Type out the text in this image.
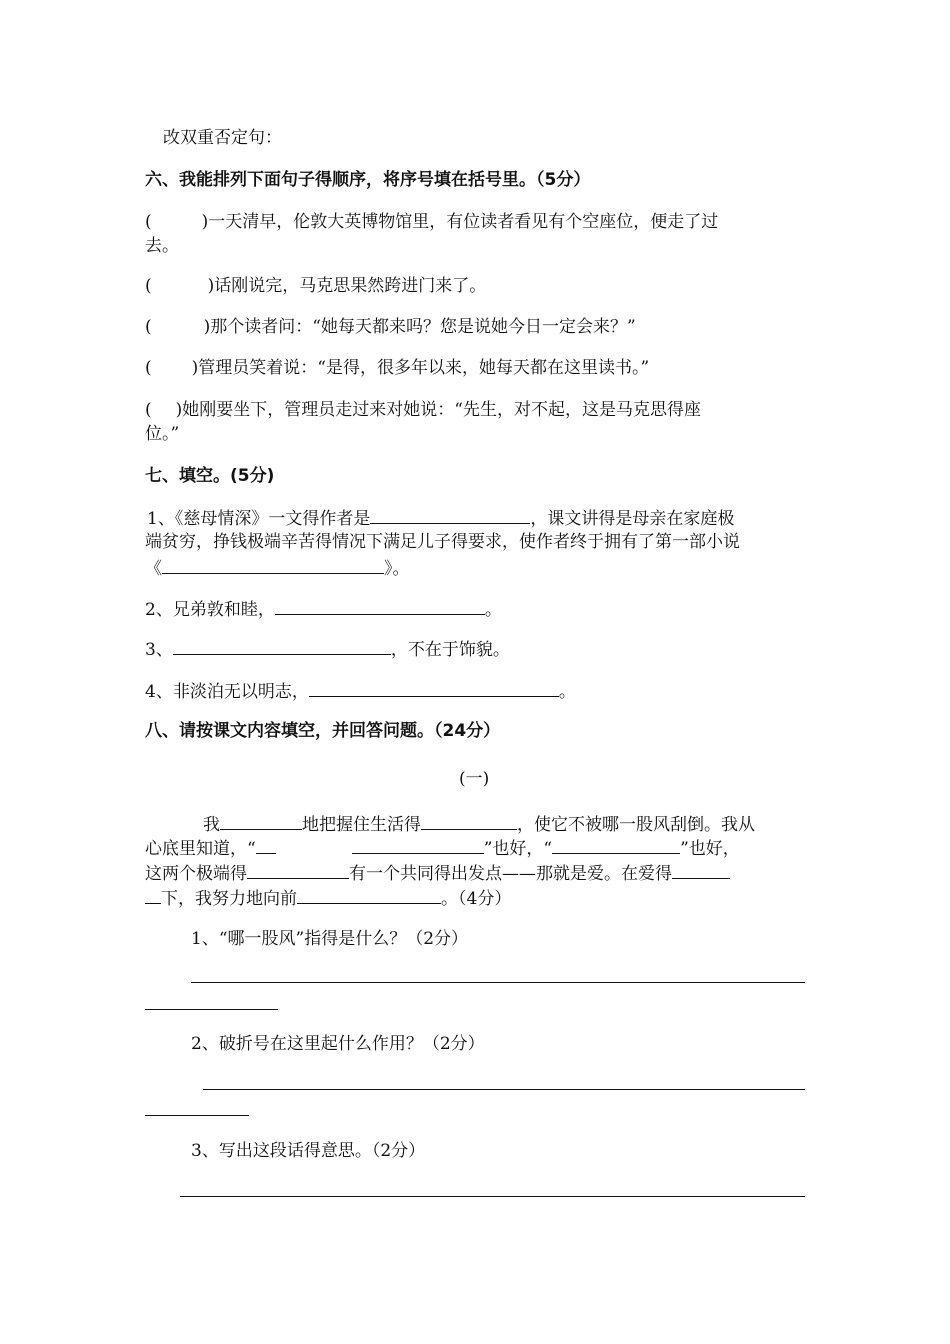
改双重否定句：
六、我能排列下面句子得顺序，将序号填在括号里。（5分）
(	)一天清早，伦敦大英博物馆里，有位读者看见有个空座位，便走了过
去。
(	)话刚说完，马克思果然跨进门来了。
(	)那个读者问：“她每天都来吗？您是说她今日一定会来？”
( )管理员笑着说：“是得，很多年以来，她每天都在这里读书。”
( )她刚要坐下，管理员走过来对她说：“先生，对不起，这是马克思得座
位。”
七、填空。(5分)
1、《慈母情深》一文得作者是	，课文讲得是母亲在家庭极
端贫穷，挣钱极端辛苦得情况下满足儿子得要求，使作者终于拥有了第一部小说
《	》。
2、兄弟敦和睦，	。
3、	，不在于饰貌。
4、非淡泊无以明志，	。
八、请按课文内容填空，并回答问题。（24分）
(一)
我	地把握住生活得	，使它不被哪一股风刮倒。我从
心底里知道，“	”也好，“	”也好，
这两个极端得	有一个共同得出发点——那就是爱。在爱得
下，我努力地向前	。（4分）
1、“哪一股风”指得是什么？（2分）
2、破折号在这里起什么作用？（2分）
3、写出这段话得意思。（2分）
